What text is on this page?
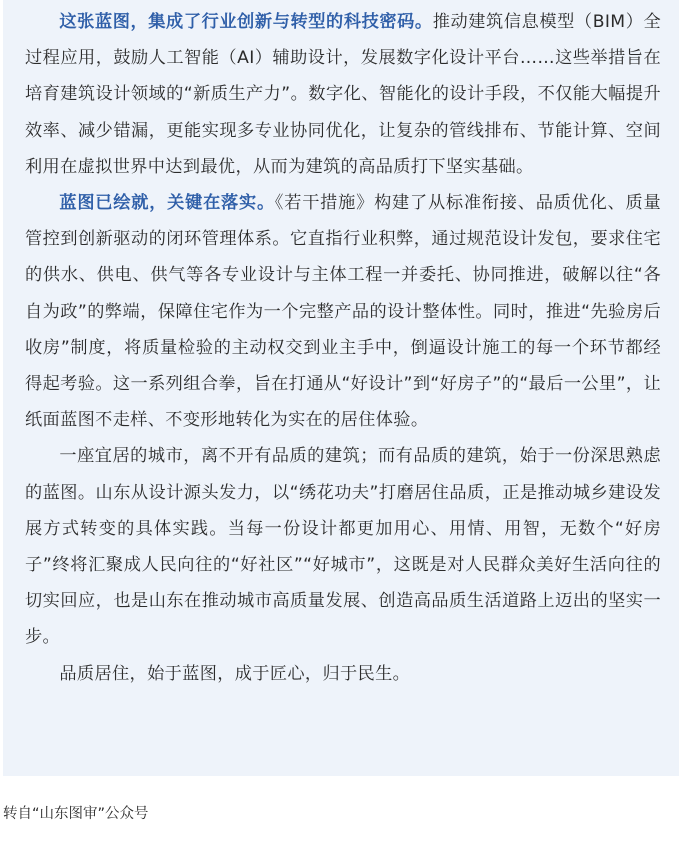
这张蓝图，集成了行业创新与转型的科技密码。推动建筑信息模型（BIM）全过程应用，鼓励人工智能（AI）辅助设计，发展数字化设计平台……这些举措旨在培育建筑设计领域的“新质生产力”。数字化、智能化的设计手段，不仅能大幅提升效率、减少错漏，更能实现多专业协同优化，让复杂的管线排布、节能计算、空间利用在虚拟世界中达到最优，从而为建筑的高品质打下坚实基础。

蓝图已绘就，关键在落实。《若干措施》构建了从标准衔接、品质优化、质量管控到创新驱动的闭环管理体系。它直指行业积弊，通过规范设计发包，要求住宅的供水、供电、供气等各专业设计与主体工程一并委托、协同推进，破解以往“各自为政”的弊端，保障住宅作为一个完整产品的设计整体性。同时，推进“先验房后收房”制度，将质量检验的主动权交到业主手中，倒逼设计施工的每一个环节都经得起考验。这一系列组合拳，旨在打通从“好设计”到“好房子”的“最后一公里”，让纸面蓝图不走样、不变形地转化为实在的居住体验。

一座宜居的城市，离不开有品质的建筑；而有品质的建筑，始于一份深思熟虑的蓝图。山东从设计源头发力，以“绣花功夫”打磨居住品质，正是推动城乡建设发展方式转变的具体实践。当每一份设计都更加用心、用情、用智，无数个“好房子”终将汇聚成人民向往的“好社区”“好城市”，这既是对人民群众美好生活向往的切实回应，也是山东在推动城市高质量发展、创造高品质生活道路上迈出的坚实一步。

品质居住，始于蓝图，成于匠心，归于民生。

转自“山东图审”公众号
